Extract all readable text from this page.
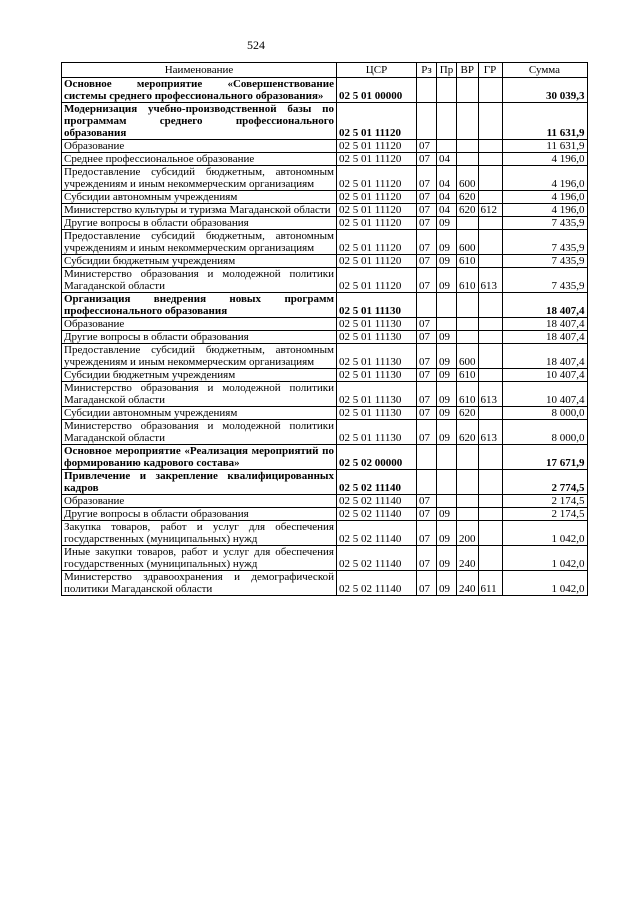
524
Наименование	ЦСР	Рз	Пр	ВР	ГР	Сумма
Основное мероприятие «Совершенствование системы среднего профессионального образования»	02 5 01 00000					30 039,3
Модернизация учебно-производственной базы по программам среднего профессионального образования	02 5 01 11120					11 631,9
Образование	02 5 01 11120	07				11 631,9
Среднее профессиональное образование	02 5 01 11120	07	04			4 196,0
Предоставление субсидий бюджетным, автономным учреждениям и иным некоммерческим организациям	02 5 01 11120	07	04	600		4 196,0
Субсидии автономным учреждениям	02 5 01 11120	07	04	620		4 196,0
Министерство культуры и туризма Магаданской области	02 5 01 11120	07	04	620	612	4 196,0
Другие вопросы в области образования	02 5 01 11120	07	09			7 435,9
Предоставление субсидий бюджетным, автономным учреждениям и иным некоммерческим организациям	02 5 01 11120	07	09	600		7 435,9
Субсидии бюджетным учреждениям	02 5 01 11120	07	09	610		7 435,9
Министерство образования и молодежной политики Магаданской области	02 5 01 11120	07	09	610	613	7 435,9
Организация внедрения новых программ профессионального образования	02 5 01 11130					18 407,4
Образование	02 5 01 11130	07				18 407,4
Другие вопросы в области образования	02 5 01 11130	07	09			18 407,4
Предоставление субсидий бюджетным, автономным учреждениям и иным некоммерческим организациям	02 5 01 11130	07	09	600		18 407,4
Субсидии бюджетным учреждениям	02 5 01 11130	07	09	610		10 407,4
Министерство образования и молодежной политики Магаданской области	02 5 01 11130	07	09	610	613	10 407,4
Субсидии автономным учреждениям	02 5 01 11130	07	09	620		8 000,0
Министерство образования и молодежной политики Магаданской области	02 5 01 11130	07	09	620	613	8 000,0
Основное мероприятие «Реализация мероприятий по формированию кадрового состава»	02 5 02 00000					17 671,9
Привлечение и закрепление квалифицированных кадров	02 5 02 11140					2 774,5
Образование	02 5 02 11140	07				2 174,5
Другие вопросы в области образования	02 5 02 11140	07	09			2 174,5
Закупка товаров, работ и услуг для обеспечения государственных (муниципальных) нужд	02 5 02 11140	07	09	200		1 042,0
Иные закупки товаров, работ и услуг для обеспечения государственных (муниципальных) нужд	02 5 02 11140	07	09	240		1 042,0
Министерство здравоохранения и демографической политики Магаданской области	02 5 02 11140	07	09	240	611	1 042,0
